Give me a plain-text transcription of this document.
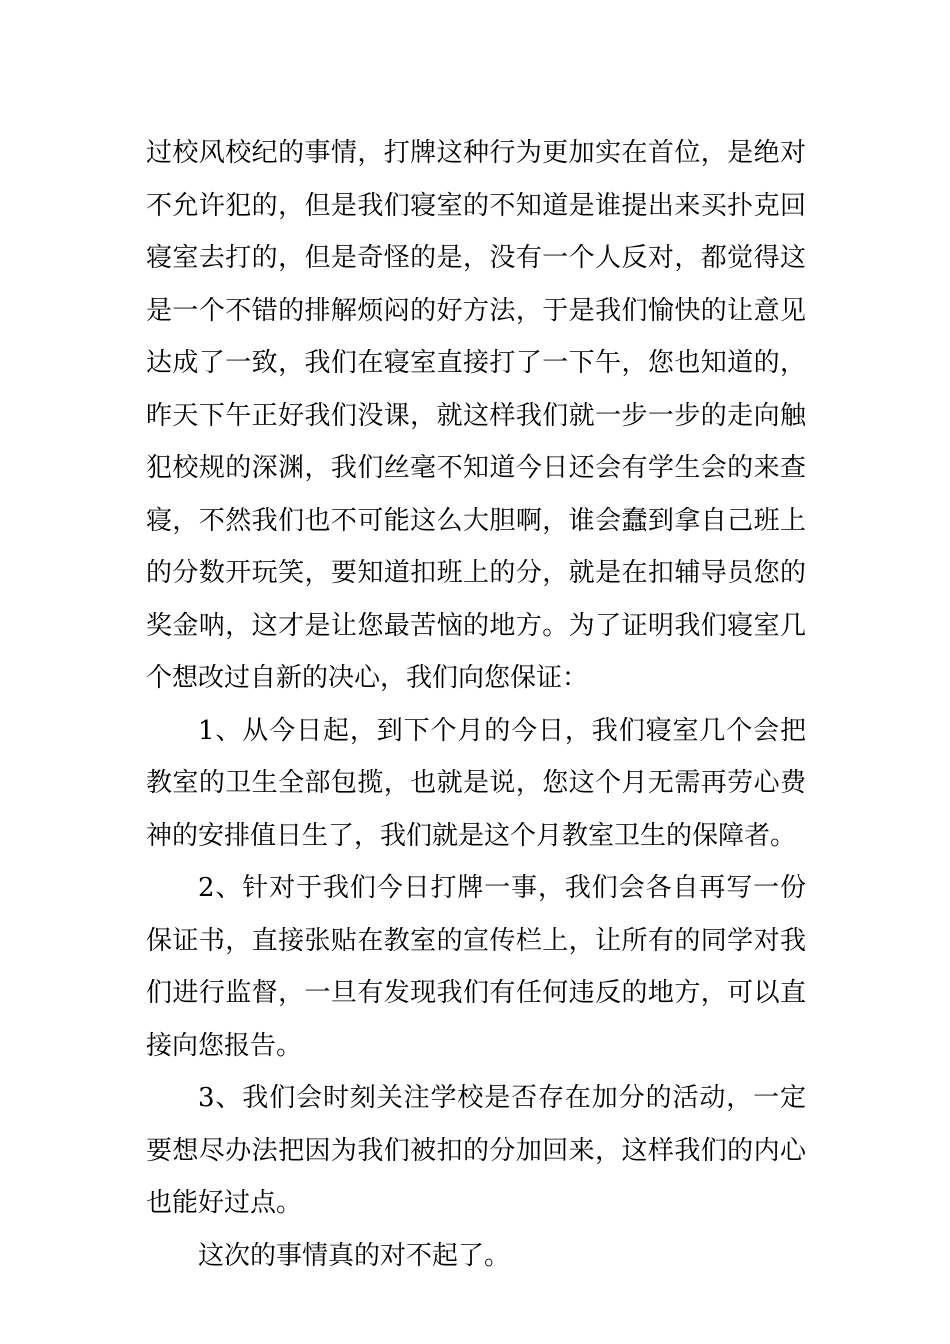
过校风校纪的事情，打牌这种行为更加实在首位，是绝对不允许犯的，但是我们寝室的不知道是谁提出来买扑克回寝室去打的，但是奇怪的是，没有一个人反对，都觉得这是一个不错的排解烦闷的好方法，于是我们愉快的让意见达成了一致，我们在寝室直接打了一下午，您也知道的，昨天下午正好我们没课，就这样我们就一步一步的走向触犯校规的深渊，我们丝毫不知道今日还会有学生会的来查寝，不然我们也不可能这么大胆啊，谁会蠢到拿自己班上的分数开玩笑，要知道扣班上的分，就是在扣辅导员您的奖金呐，这才是让您最苦恼的地方。为了证明我们寝室几个想改过自新的决心，我们向您保证：

1、从今日起，到下个月的今日，我们寝室几个会把教室的卫生全部包揽，也就是说，您这个月无需再劳心费神的安排值日生了，我们就是这个月教室卫生的保障者。

2、针对于我们今日打牌一事，我们会各自再写一份保证书，直接张贴在教室的宣传栏上，让所有的同学对我们进行监督，一旦有发现我们有任何违反的地方，可以直接向您报告。

3、我们会时刻关注学校是否存在加分的活动，一定要想尽办法把因为我们被扣的分加回来，这样我们的内心也能好过点。

这次的事情真的对不起了。
